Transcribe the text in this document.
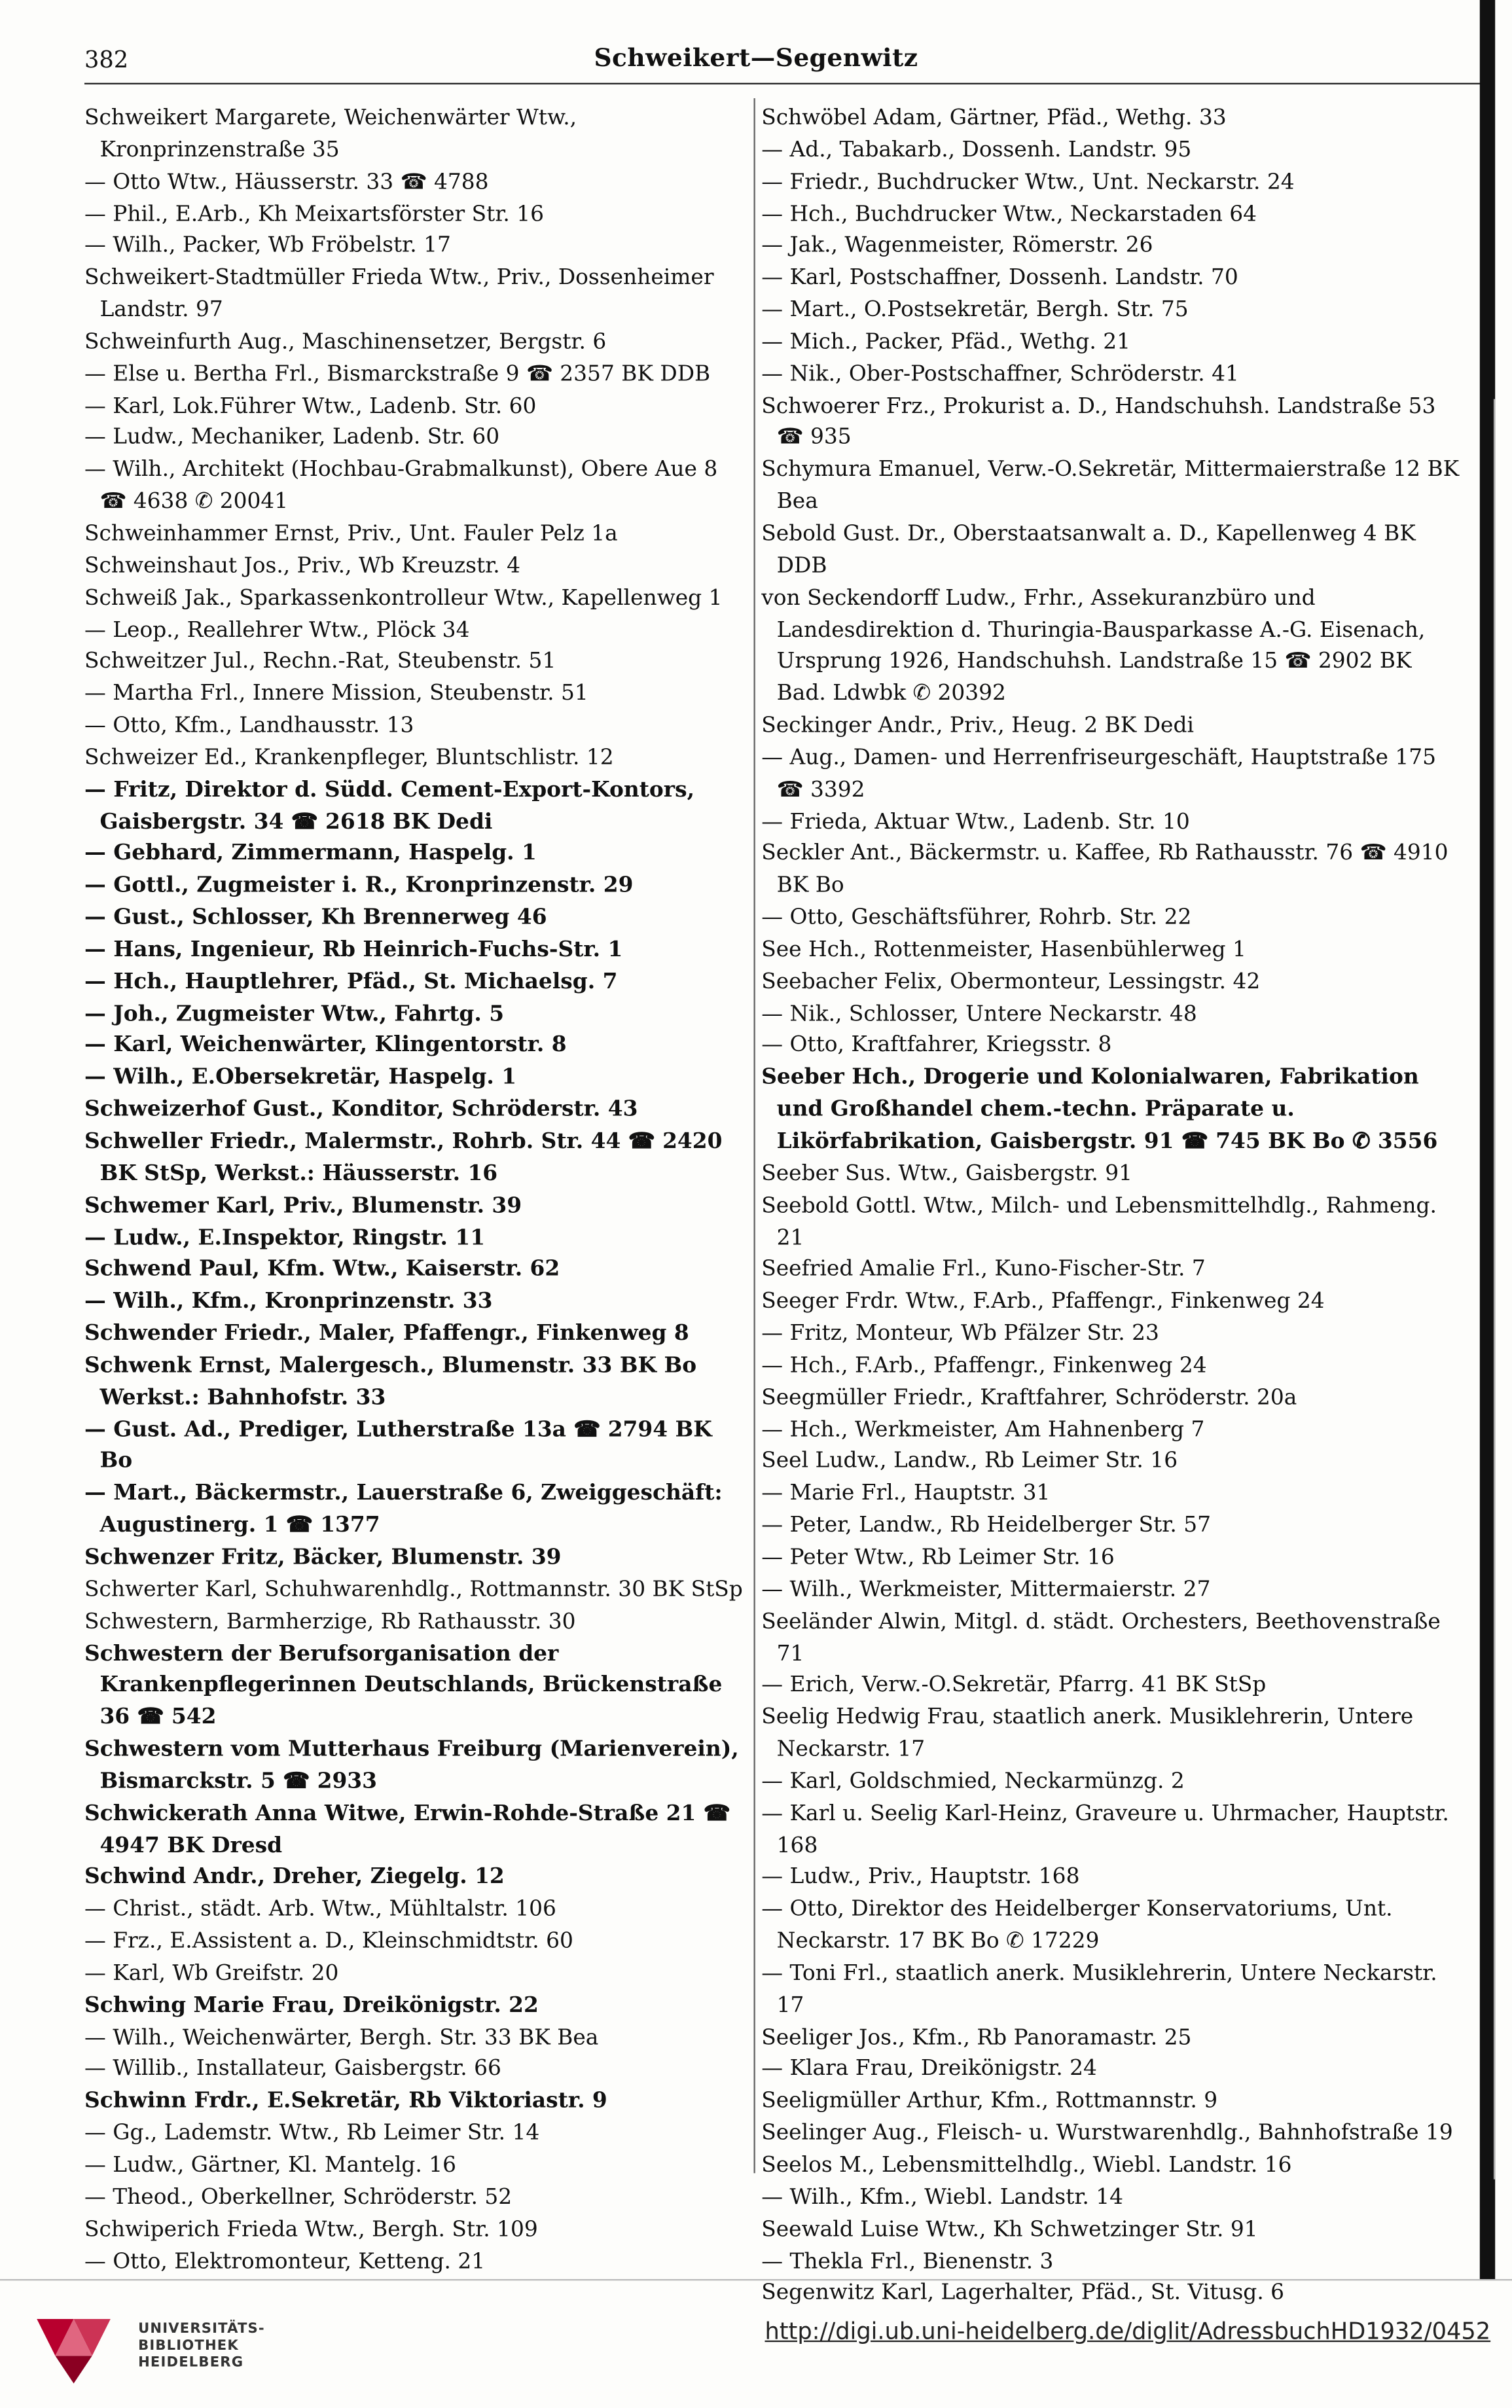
382	Schweikert—Segenwitz
Schweikert Margarete, Weichenwärter Wtw., Kronprinzenstraße 35
— Otto Wtw., Häusserstr. 33 ☎ 4788
— Phil., E.Arb., Kh Meixartsförster Str. 16
— Wilh., Packer, Wb Fröbelstr. 17
Schweikert-Stadtmüller Frieda Wtw., Priv., Dossenheimer Landstr. 97
Schweinfurth Aug., Maschinensetzer, Bergstr. 6
— Else u. Bertha Frl., Bismarckstraße 9 ☎ 2357 BK DDB
— Karl, Lok.Führer Wtw., Ladenb. Str. 60
— Ludw., Mechaniker, Ladenb. Str. 60
— Wilh., Architekt (Hochbau-Grabmalkunst), Obere Aue 8 ☎ 4638 ✆ 20041
Schweinhammer Ernst, Priv., Unt. Fauler Pelz 1a
Schweinshaut Jos., Priv., Wb Kreuzstr. 4
Schweiß Jak., Sparkassenkontrolleur Wtw., Kapellenweg 1
— Leop., Reallehrer Wtw., Plöck 34
Schweitzer Jul., Rechn.-Rat, Steubenstr. 51
— Martha Frl., Innere Mission, Steubenstr. 51
— Otto, Kfm., Landhausstr. 13
Schweizer Ed., Krankenpfleger, Bluntschlistr. 12
— Fritz, Direktor d. Südd. Cement-Export-Kontors, Gaisbergstr. 34 ☎ 2618 BK Dedi
— Gebhard, Zimmermann, Haspelg. 1
— Gottl., Zugmeister i. R., Kronprinzenstr. 29
— Gust., Schlosser, Kh Brennerweg 46
— Hans, Ingenieur, Rb Heinrich-Fuchs-Str. 1
— Hch., Hauptlehrer, Pfäd., St. Michaelsg. 7
— Joh., Zugmeister Wtw., Fahrtg. 5
— Karl, Weichenwärter, Klingentorstr. 8
— Wilh., E.Obersekretär, Haspelg. 1
Schweizerhof Gust., Konditor, Schröderstr. 43
Schweller Friedr., Malermstr., Rohrb. Str. 44 ☎ 2420 BK StSp, Werkst.: Häusserstr. 16
Schwemer Karl, Priv., Blumenstr. 39
— Ludw., E.Inspektor, Ringstr. 11
Schwend Paul, Kfm. Wtw., Kaiserstr. 62
— Wilh., Kfm., Kronprinzenstr. 33
Schwender Friedr., Maler, Pfaffengr., Finkenweg 8
Schwenk Ernst, Malergesch., Blumenstr. 33 BK Bo Werkst.: Bahnhofstr. 33
— Gust. Ad., Prediger, Lutherstraße 13a ☎ 2794 BK Bo
— Mart., Bäckermstr., Lauerstraße 6, Zweiggeschäft: Augustinerg. 1 ☎ 1377
Schwenzer Fritz, Bäcker, Blumenstr. 39
Schwerter Karl, Schuhwarenhdlg., Rottmannstr. 30 BK StSp
Schwestern, Barmherzige, Rb Rathausstr. 30
Schwestern der Berufsorganisation der Krankenpflegerinnen Deutschlands, Brückenstraße 36 ☎ 542
Schwestern vom Mutterhaus Freiburg (Marienverein), Bismarckstr. 5 ☎ 2933
Schwickerath Anna Witwe, Erwin-Rohde-Straße 21 ☎ 4947 BK Dresd
Schwind Andr., Dreher, Ziegelg. 12
— Christ., städt. Arb. Wtw., Mühltalstr. 106
— Frz., E.Assistent a. D., Kleinschmidtstr. 60
— Karl, Wb Greifstr. 20
Schwing Marie Frau, Dreikönigstr. 22
— Wilh., Weichenwärter, Bergh. Str. 33 BK Bea
— Willib., Installateur, Gaisbergstr. 66
Schwinn Frdr., E.Sekretär, Rb Viktoriastr. 9
— Gg., Lademstr. Wtw., Rb Leimer Str. 14
— Ludw., Gärtner, Kl. Mantelg. 16
— Theod., Oberkellner, Schröderstr. 52
Schwiperich Frieda Wtw., Bergh. Str. 109
— Otto, Elektromonteur, Ketteng. 21
Schwöbel Adam, Gärtner, Pfäd., Wethg. 33
— Ad., Tabakarb., Dossenh. Landstr. 95
— Friedr., Buchdrucker Wtw., Unt. Neckarstr. 24
— Hch., Buchdrucker Wtw., Neckarstaden 64
— Jak., Wagenmeister, Römerstr. 26
— Karl, Postschaffner, Dossenh. Landstr. 70
— Mart., O.Postsekretär, Bergh. Str. 75
— Mich., Packer, Pfäd., Wethg. 21
— Nik., Ober-Postschaffner, Schröderstr. 41
Schwoerer Frz., Prokurist a. D., Handschuhsh. Landstraße 53 ☎ 935
Schymura Emanuel, Verw.-O.Sekretär, Mittermaierstraße 12 BK Bea
Sebold Gust. Dr., Oberstaatsanwalt a. D., Kapellenweg 4 BK DDB
von Seckendorff Ludw., Frhr., Assekuranzbüro und Landesdirektion d. Thuringia-Bausparkasse A.-G. Eisenach, Ursprung 1926, Handschuhsh. Landstraße 15 ☎ 2902 BK Bad. Ldwbk ✆ 20392
Seckinger Andr., Priv., Heug. 2 BK Dedi
— Aug., Damen- und Herrenfriseurgeschäft, Hauptstraße 175 ☎ 3392
— Frieda, Aktuar Wtw., Ladenb. Str. 10
Seckler Ant., Bäckermstr. u. Kaffee, Rb Rathausstr. 76 ☎ 4910 BK Bo
— Otto, Geschäftsführer, Rohrb. Str. 22
See Hch., Rottenmeister, Hasenbühlerweg 1
Seebacher Felix, Obermonteur, Lessingstr. 42
— Nik., Schlosser, Untere Neckarstr. 48
— Otto, Kraftfahrer, Kriegsstr. 8
Seeber Hch., Drogerie und Kolonialwaren, Fabrikation und Großhandel chem.-techn. Präparate u. Likörfabrikation, Gaisbergstr. 91 ☎ 745 BK Bo ✆ 3556
Seeber Sus. Wtw., Gaisbergstr. 91
Seebold Gottl. Wtw., Milch- und Lebensmittelhdlg., Rahmeng. 21
Seefried Amalie Frl., Kuno-Fischer-Str. 7
Seeger Frdr. Wtw., F.Arb., Pfaffengr., Finkenweg 24
— Fritz, Monteur, Wb Pfälzer Str. 23
— Hch., F.Arb., Pfaffengr., Finkenweg 24
Seegmüller Friedr., Kraftfahrer, Schröderstr. 20a
— Hch., Werkmeister, Am Hahnenberg 7
Seel Ludw., Landw., Rb Leimer Str. 16
— Marie Frl., Hauptstr. 31
— Peter, Landw., Rb Heidelberger Str. 57
— Peter Wtw., Rb Leimer Str. 16
— Wilh., Werkmeister, Mittermaierstr. 27
Seeländer Alwin, Mitgl. d. städt. Orchesters, Beethovenstraße 71
— Erich, Verw.-O.Sekretär, Pfarrg. 41 BK StSp
Seelig Hedwig Frau, staatlich anerk. Musiklehrerin, Untere Neckarstr. 17
— Karl, Goldschmied, Neckarmünzg. 2
— Karl u. Seelig Karl-Heinz, Graveure u. Uhrmacher, Hauptstr. 168
— Ludw., Priv., Hauptstr. 168
— Otto, Direktor des Heidelberger Konservatoriums, Unt. Neckarstr. 17 BK Bo ✆ 17229
— Toni Frl., staatlich anerk. Musiklehrerin, Untere Neckarstr. 17
Seeliger Jos., Kfm., Rb Panoramastr. 25
— Klara Frau, Dreikönigstr. 24
Seeligmüller Arthur, Kfm., Rottmannstr. 9
Seelinger Aug., Fleisch- u. Wurstwarenhdlg., Bahnhofstraße 19
Seelos M., Lebensmittelhdlg., Wiebl. Landstr. 16
— Wilh., Kfm., Wiebl. Landstr. 14
Seewald Luise Wtw., Kh Schwetzinger Str. 91
— Thekla Frl., Bienenstr. 3
Segenwitz Karl, Lagerhalter, Pfäd., St. Vitusg. 6
UNIVERSITÄTS-
BIBLIOTHEK
HEIDELBERG
http://digi.ub.uni-heidelberg.de/diglit/AdressbuchHD1932/0452
